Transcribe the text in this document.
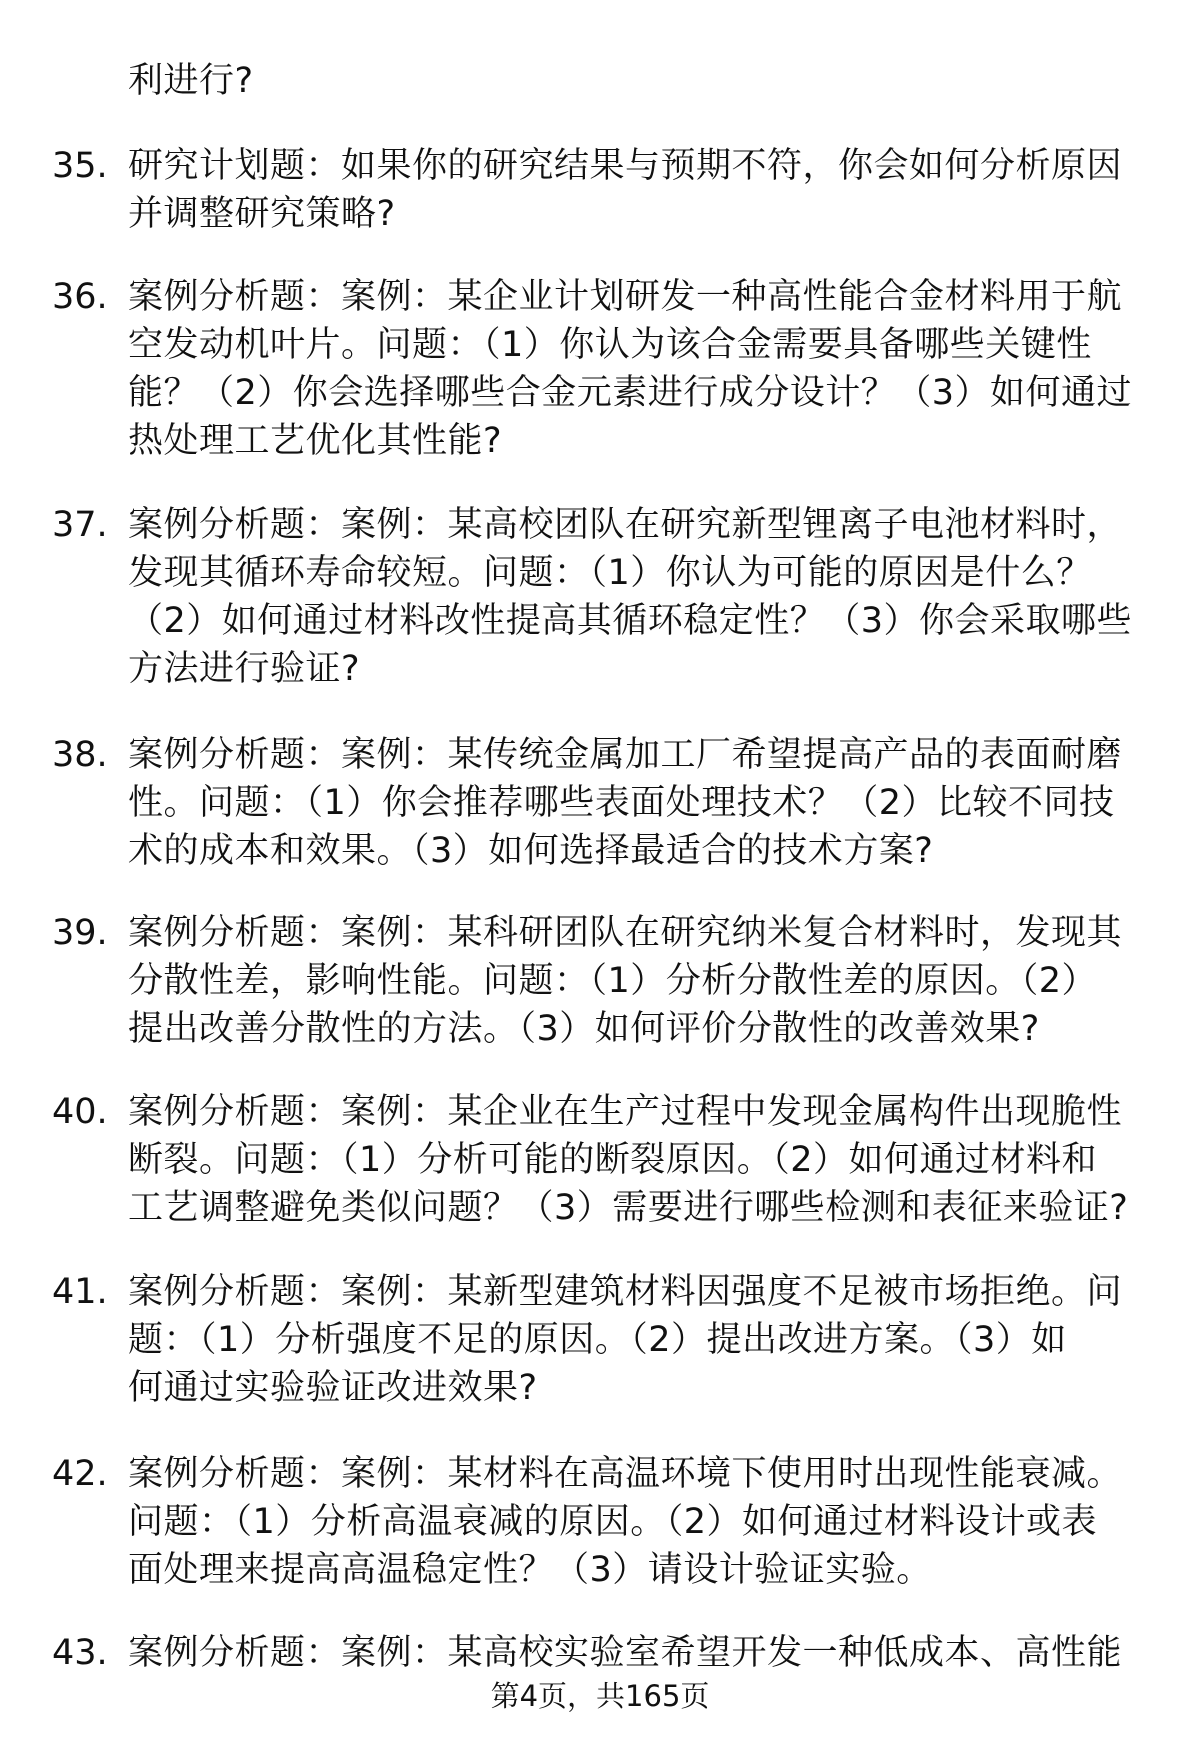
利进行?
35. 研究计划题：如果你的研究结果与预期不符，你会如何分析原因
并调整研究策略?
36. 案例分析题：案例：某企业计划研发一种高性能合金材料用于航
空发动机叶片。问题：（1）你认为该合金需要具备哪些关键性
能？（2）你会选择哪些合金元素进行成分设计？（3）如何通过
热处理工艺优化其性能?
37. 案例分析题：案例：某高校团队在研究新型锂离子电池材料时，
发现其循环寿命较短。问题：（1）你认为可能的原因是什么？
（2）如何通过材料改性提高其循环稳定性？（3）你会采取哪些
方法进行验证?
38. 案例分析题：案例：某传统金属加工厂希望提高产品的表面耐磨
性。问题：（1）你会推荐哪些表面处理技术？（2）比较不同技
术的成本和效果。（3）如何选择最适合的技术方案?
39. 案例分析题：案例：某科研团队在研究纳米复合材料时，发现其
分散性差，影响性能。问题：（1）分析分散性差的原因。（2）
提出改善分散性的方法。（3）如何评价分散性的改善效果?
40. 案例分析题：案例：某企业在生产过程中发现金属构件出现脆性
断裂。问题：（1）分析可能的断裂原因。（2）如何通过材料和
工艺调整避免类似问题？（3）需要进行哪些检测和表征来验证?
41. 案例分析题：案例：某新型建筑材料因强度不足被市场拒绝。问
题：（1）分析强度不足的原因。（2）提出改进方案。（3）如
何通过实验验证改进效果?
42. 案例分析题：案例：某材料在高温环境下使用时出现性能衰减。
问题：（1）分析高温衰减的原因。（2）如何通过材料设计或表
面处理来提高高温稳定性？（3）请设计验证实验。
43. 案例分析题：案例：某高校实验室希望开发一种低成本、高性能
第4页，共165页
